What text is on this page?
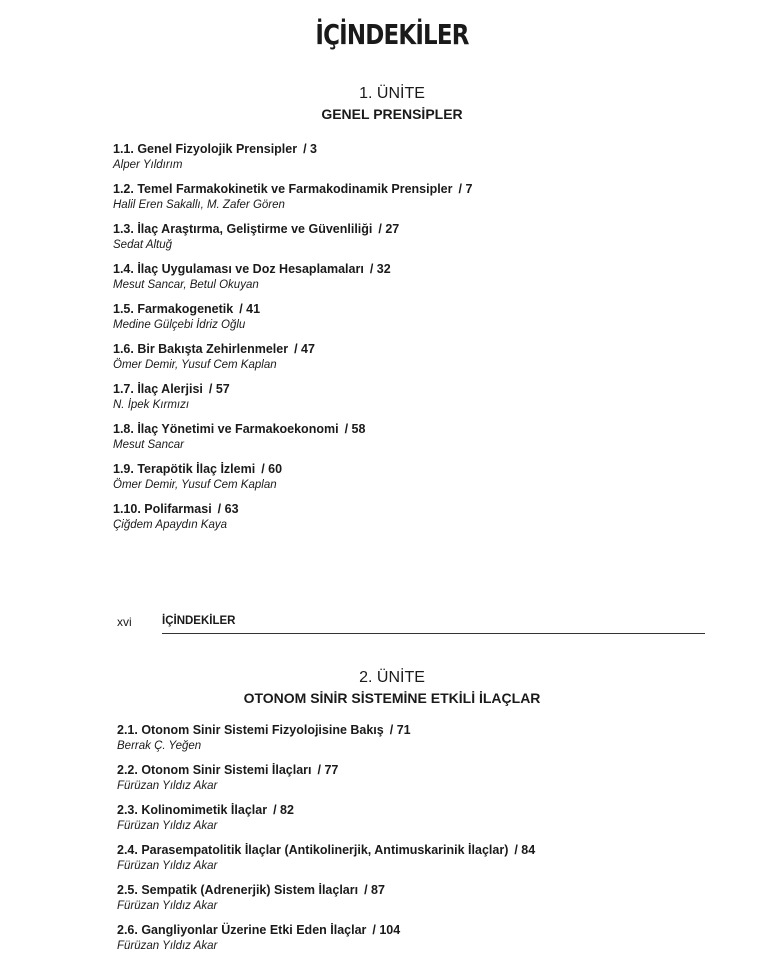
İÇİNDEKİLER
1. ÜNİTE
GENEL PRENSİPLER
1.1. Genel Fizyolojik Prensipler / 3
Alper Yıldırım
1.2. Temel Farmakokinetik ve Farmakodinamik Prensipler / 7
Halil Eren Sakallı, M. Zafer Gören
1.3. İlaç Araştırma, Geliştirme ve Güvenliliği / 27
Sedat Altuğ
1.4. İlaç Uygulaması ve Doz Hesaplamaları / 32
Mesut Sancar, Betul Okuyan
1.5. Farmakogenetik / 41
Medine Gülçebi İdriz Oğlu
1.6. Bir Bakışta Zehirlenmeler / 47
Ömer Demir, Yusuf Cem Kaplan
1.7. İlaç Alerjisi / 57
N. İpek Kırmızı
1.8. İlaç Yönetimi ve Farmakoekonomi / 58
Mesut Sancar
1.9. Terapötik İlaç İzlemi / 60
Ömer Demir, Yusuf Cem Kaplan
1.10. Polifarmasi / 63
Çiğdem Apaydın Kaya
xvi	İÇİNDEKİLER
2. ÜNİTE
OTONOM SİNİR SİSTEMİNE ETKİLİ İLAÇLAR
2.1. Otonom Sinir Sistemi Fizyolojisine Bakış / 71
Berrak Ç. Yeğen
2.2. Otonom Sinir Sistemi İlaçları / 77
Fürüzan Yıldız Akar
2.3. Kolinomimetik İlaçlar / 82
Fürüzan Yıldız Akar
2.4. Parasempatolitik İlaçlar (Antikolinerjik, Antimuskarinik İlaçlar) / 84
Fürüzan Yıldız Akar
2.5. Sempatik (Adrenerjik) Sistem İlaçları / 87
Fürüzan Yıldız Akar
2.6. Gangliyonlar Üzerine Etki Eden İlaçlar / 104
Fürüzan Yıldız Akar
